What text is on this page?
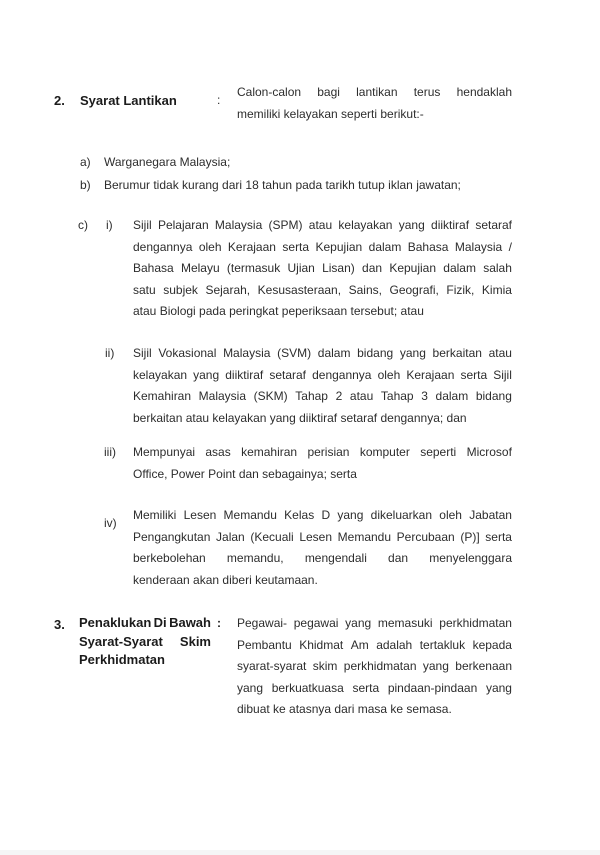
2. Syarat Lantikan	:
Calon-calon bagi lantikan terus hendaklah
memiliki kelayakan seperti berikut:-
a) Warganegara Malaysia;
b) Berumur tidak kurang dari 18 tahun pada tarikh tutup iklan jawatan;
c) i) Sijil Pelajaran Malaysia (SPM) atau kelayakan yang diiktiraf setaraf
dengannya oleh Kerajaan serta Kepujian dalam Bahasa Malaysia /
Bahasa Melayu (termasuk Ujian Lisan) dan Kepujian dalam salah
satu subjek Sejarah, Kesusasteraan, Sains, Geografi, Fizik, Kimia
atau Biologi pada peringkat peperiksaan tersebut; atau
ii) Sijil Vokasional Malaysia (SVM) dalam bidang yang berkaitan atau
kelayakan yang diiktiraf setaraf dengannya oleh Kerajaan serta Sijil
Kemahiran Malaysia (SKM) Tahap 2 atau Tahap 3 dalam bidang
berkaitan atau kelayakan yang diiktiraf setaraf dengannya; dan
iii) Mempunyai asas kemahiran perisian komputer seperti Microsof
Office, Power Point dan sebagainya; serta
iv)
Memiliki Lesen Memandu Kelas D yang dikeluarkan oleh Jabatan
Pengangkutan Jalan (Kecuali Lesen Memandu Percubaan (P)] serta
berkebolehan memandu, mengendali dan menyelenggara
kenderaan akan diberi keutamaan.
3. Penaklukan Di Bawah
Syarat-Syarat Skim
Perkhidmatan
: Pegawai- pegawai yang memasuki perkhidmatan
Pembantu Khidmat Am adalah tertakluk kepada
syarat-syarat skim perkhidmatan yang berkenaan
yang berkuatkuasa serta pindaan-pindaan yang
dibuat ke atasnya dari masa ke semasa.
